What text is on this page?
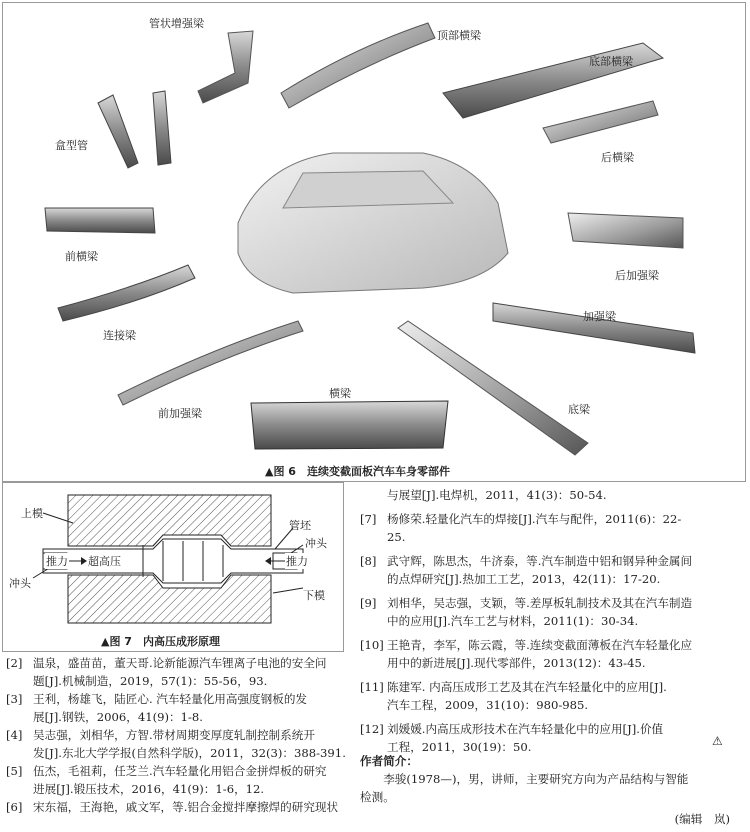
管状增强梁
顶部横梁
底部横梁
盒型管
后横梁
前横梁
后加强梁
连接梁
加强梁
前加强梁
横梁
底梁
▲图 6　连续变截面板汽车车身零部件
上模
管坯
冲头
推力 超高压	推力
冲头
下模
▲图 7　内高压成形原理
[2] 温泉，盛苗苗，董天哥.论新能源汽车锂离子电池的安全问
题[J].机械制造，2019，57(1)：55-56，93.
[3] 王利，杨雄飞，陆匠心. 汽车轻量化用高强度钢板的发
展[J].钢铁，2006，41(9)：1-8.
[4] 吴志强，刘相华，方智.带材周期变厚度轧制控制系统开
发[J].东北大学学报(自然科学版)，2011，32(3)：388-391.
[5] 伍杰，毛祖莉，任芝兰.汽车轻量化用铝合金拼焊板的研究
进展[J].锻压技术，2016，41(9)：1-6，12.
[6] 宋东福，王海艳，戚文军，等.铝合金搅拌摩擦焊的研究现状
与展望[J].电焊机，2011，41(3)：50-54.
[7] 杨修荣.轻量化汽车的焊接[J].汽车与配件，2011(6)：22-
25.
[8] 武守辉，陈思杰，牛济泰，等.汽车制造中铝和钢异种金属间
的点焊研究[J].热加工工艺，2013，42(11)：17-20.
[9] 刘相华，吴志强，支颖，等.差厚板轧制技术及其在汽车制造
中的应用[J].汽车工艺与材料，2011(1)：30-34.
[10] 王艳青，李军，陈云霞，等.连续变截面薄板在汽车轻量化应
用中的新进展[J].现代零部件，2013(12)：43-45.
[11] 陈建军. 内高压成形工艺及其在汽车轻量化中的应用[J].
汽车工程，2009，31(10)：980-985.
[12] 刘媛媛.内高压成形技术在汽车轻量化中的应用[J].价值
工程，2011，30(19)：50.	⚠
作者简介：
李骏(1978—)，男，讲师，主要研究方向为产品结构与智能
检测。
(编辑　岚)
